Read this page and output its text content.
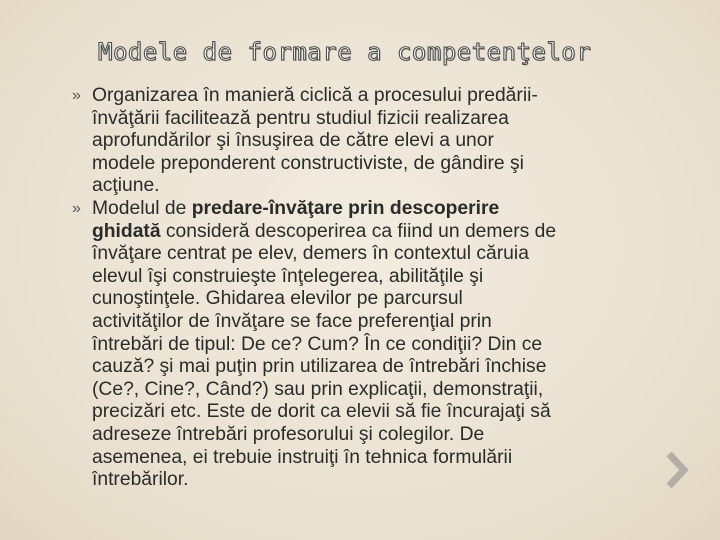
Modele de formare a competenţelor
» Organizarea în manieră ciclică a procesului predării-
învăţării facilitează pentru studiul fizicii realizarea
aprofundărilor şi însuşirea de către elevi a unor
modele preponderent constructiviste, de gândire şi
acţiune.
» Modelul de predare-învăţare prin descoperire
ghidată consideră descoperirea ca fiind un demers de
învăţare centrat pe elev, demers în contextul căruia
elevul îşi construieşte înţelegerea, abilităţile şi
cunoştinţele. Ghidarea elevilor pe parcursul
activităţilor de învăţare se face preferenţial prin
întrebări de tipul: De ce? Cum? În ce condiţii? Din ce
cauză? şi mai puţin prin utilizarea de întrebări închise
(Ce?, Cine?, Când?) sau prin explicaţii, demonstraţii,
precizări etc. Este de dorit ca elevii să fie încurajaţi să
adreseze întrebări profesorului şi colegilor. De
asemenea, ei trebuie instruiţi în tehnica formulării
întrebărilor.
